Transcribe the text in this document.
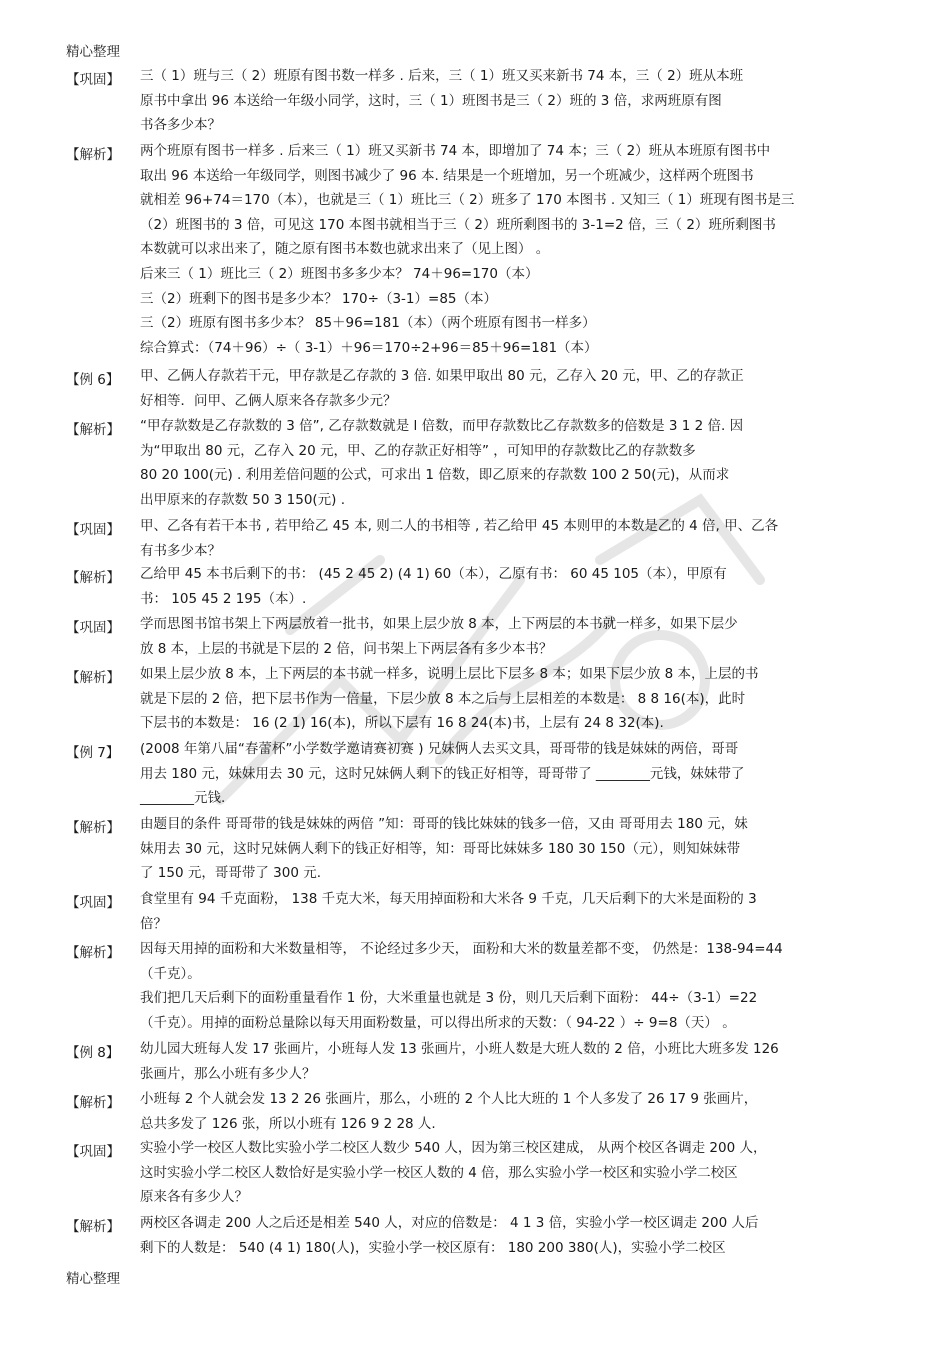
精心整理
【巩固】	三（ 1）班与三（ 2）班原有图书数一样多 . 后来，三（ 1）班又买来新书 74 本，三（ 2）班从本班
原书中拿出 96 本送给一年级小同学，这时，三（ 1）班图书是三（ 2）班的 3 倍，求两班原有图
书各多少本？
【解析】	两个班原有图书一样多 . 后来三（ 1）班又买新书 74 本，即增加了 74 本；三（ 2）班从本班原有图书中
取出 96 本送给一年级同学，则图书减少了 96 本. 结果是一个班增加，另一个班减少，这样两个班图书
就相差 96+74＝170（本），也就是三（ 1）班比三（ 2）班多了 170 本图书 . 又知三（ 1）班现有图书是三
（2）班图书的 3 倍，可见这 170 本图书就相当于三（ 2）班所剩图书的 3-1=2 倍，三（ 2）班所剩图书
本数就可以求出来了，随之原有图书本数也就求出来了（见上图） 。
后来三（ 1）班比三（ 2）班图书多多少本？ 74＋96=170（本）
三（2）班剩下的图书是多少本？ 170÷（3-1）=85（本）
三（2）班原有图书多少本？ 85＋96=181（本）（两个班原有图书一样多）
综合算式：（74＋96）÷（ 3-1）＋96＝170÷2+96＝85＋96=181（本）
【例 6】	甲、乙俩人存款若干元，甲存款是乙存款的 3 倍. 如果甲取出 80 元，乙存入 20 元，甲、乙的存款正
好相等．问甲、乙俩人原来各存款多少元？
【解析】	“甲存款数是乙存款数的 3 倍”, 乙存款数就是 l 倍数，而甲存款数比乙存款数多的倍数是 3 1 2 倍. 因
为“甲取出 80 元，乙存入 20 元，甲、乙的存款正好相等” ，可知甲的存款数比乙的存款数多
80 20 100(元) . 利用差倍问题的公式，可求出 1 倍数，即乙原来的存款数 100 2 50(元)，从而求
出甲原来的存款数 50 3 150(元) .
【巩固】	甲、乙各有若干本书 , 若甲给乙 45 本, 则二人的书相等 , 若乙给甲 45 本则甲的本数是乙的 4 倍, 甲、乙各
有书多少本？
【解析】	乙给甲 45 本书后剩下的书： (45 2 45 2) (4 1) 60（本），乙原有书： 60 45 105（本），甲原有
书： 105 45 2 195（本）.
【巩固】	学而思图书馆书架上下两层放着一批书，如果上层少放 8 本，上下两层的本书就一样多，如果下层少
放 8 本，上层的书就是下层的 2 倍，问书架上下两层各有多少本书？
【解析】	如果上层少放 8 本，上下两层的本书就一样多，说明上层比下层多 8 本；如果下层少放 8 本，上层的书
就是下层的 2 倍，把下层书作为一倍量，下层少放 8 本之后与上层相差的本数是： 8 8 16(本)，此时
下层书的本数是： 16 (2 1) 16(本)，所以下层有 16 8 24(本)书，上层有 24 8 32(本).
【例 7】	(2008 年第八届“春蕾杯”小学数学邀请赛初赛 ) 兄妹俩人去买文具，哥哥带的钱是妹妹的两倍，哥哥
用去 180 元，妹妹用去 30 元，这时兄妹俩人剩下的钱正好相等，哥哥带了 ________元钱，妹妹带了
________元钱.
【解析】	由题目的条件 哥哥带的钱是妹妹的两倍 ”知：哥哥的钱比妹妹的钱多一倍，又由 哥哥用去 180 元，妹
妹用去 30 元，这时兄妹俩人剩下的钱正好相等，知：哥哥比妹妹多 180 30 150（元），则知妹妹带
了 150 元，哥哥带了 300 元.
【巩固】	食堂里有 94 千克面粉， 138 千克大米，每天用掉面粉和大米各 9 千克，几天后剩下的大米是面粉的 3
倍？
【解析】	因每天用掉的面粉和大米数量相等， 不论经过多少天， 面粉和大米的数量差都不变， 仍然是：138-94=44
（千克）。
我们把几天后剩下的面粉重量看作 1 份，大米重量也就是 3 份，则几天后剩下面粉： 44÷（3-1）=22
（千克）。用掉的面粉总量除以每天用面粉数量，可以得出所求的天数：（ 94-22 ）÷ 9=8（天） 。
【例 8】	幼儿园大班每人发 17 张画片，小班每人发 13 张画片，小班人数是大班人数的 2 倍，小班比大班多发 126
张画片，那么小班有多少人？
【解析】	小班每 2 个人就会发 13 2 26 张画片，那么，小班的 2 个人比大班的 1 个人多发了 26 17 9 张画片，
总共多发了 126 张，所以小班有 126 9 2 28 人.
【巩固】	实验小学一校区人数比实验小学二校区人数少 540 人，因为第三校区建成， 从两个校区各调走 200 人，
这时实验小学二校区人数恰好是实验小学一校区人数的 4 倍，那么实验小学一校区和实验小学二校区
原来各有多少人？
【解析】	两校区各调走 200 人之后还是相差 540 人，对应的倍数是： 4 1 3 倍，实验小学一校区调走 200 人后
剩下的人数是： 540 (4 1) 180(人)，实验小学一校区原有： 180 200 380(人)，实验小学二校区
精心整理
